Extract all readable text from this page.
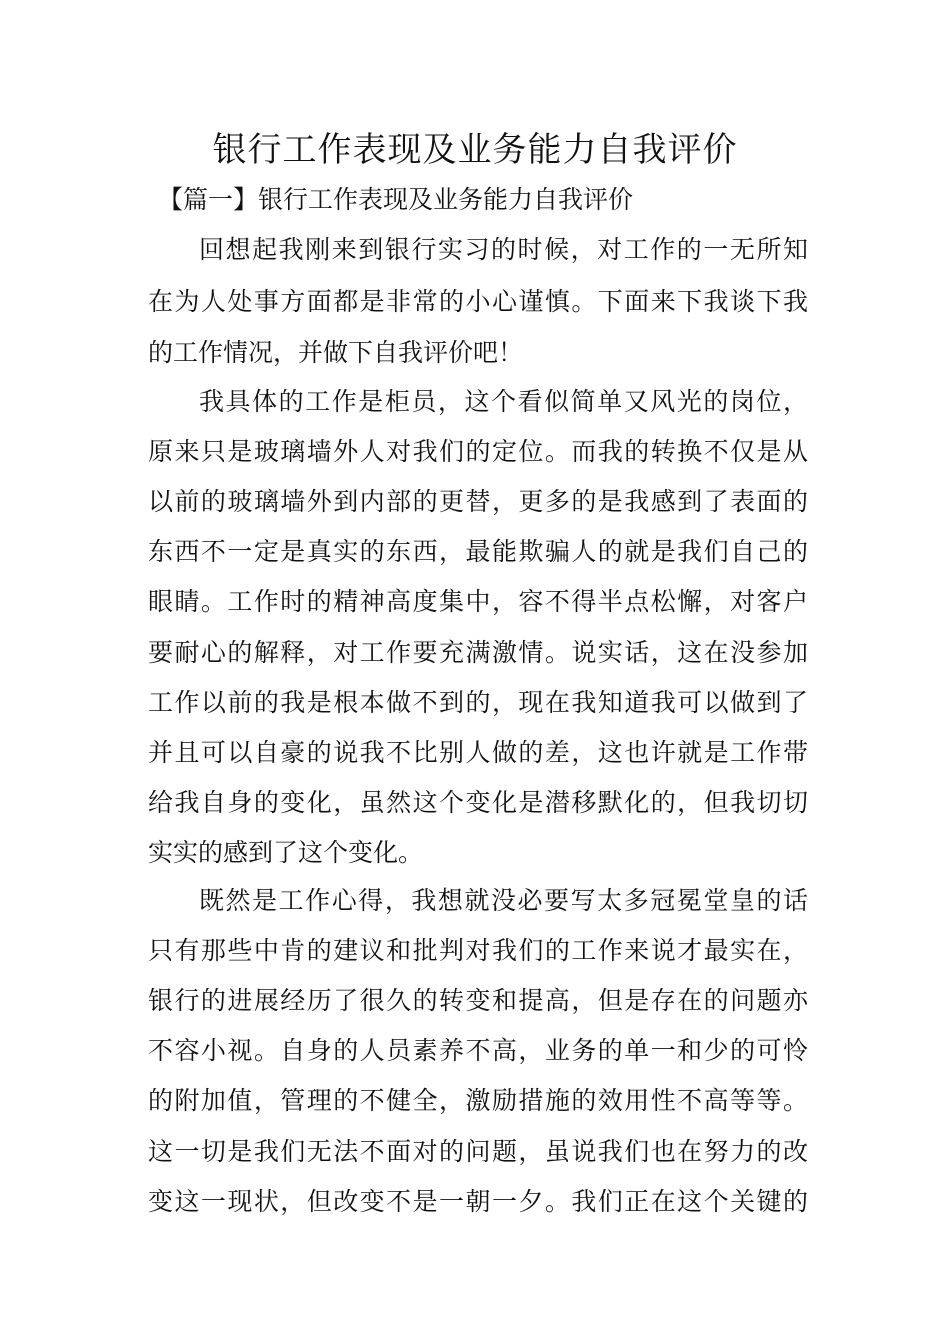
银行工作表现及业务能力自我评价
【篇一】银行工作表现及业务能力自我评价
回想起我刚来到银行实习的时候，对工作的一无所知
在为人处事方面都是非常的小心谨慎。下面来下我谈下我
的工作情况，并做下自我评价吧！
我具体的工作是柜员，这个看似简单又风光的岗位，
原来只是玻璃墙外人对我们的定位。而我的转换不仅是从
以前的玻璃墙外到内部的更替，更多的是我感到了表面的
东西不一定是真实的东西，最能欺骗人的就是我们自己的
眼睛。工作时的精神高度集中，容不得半点松懈，对客户
要耐心的解释，对工作要充满激情。说实话，这在没参加
工作以前的我是根本做不到的，现在我知道我可以做到了
并且可以自豪的说我不比别人做的差，这也许就是工作带
给我自身的变化，虽然这个变化是潜移默化的，但我切切
实实的感到了这个变化。
既然是工作心得，我想就没必要写太多冠冕堂皇的话
只有那些中肯的建议和批判对我们的工作来说才最实在，
银行的进展经历了很久的转变和提高，但是存在的问题亦
不容小视。自身的人员素养不高，业务的单一和少的可怜
的附加值，管理的不健全，激励措施的效用性不高等等。
这一切是我们无法不面对的问题，虽说我们也在努力的改
变这一现状，但改变不是一朝一夕。我们正在这个关键的
